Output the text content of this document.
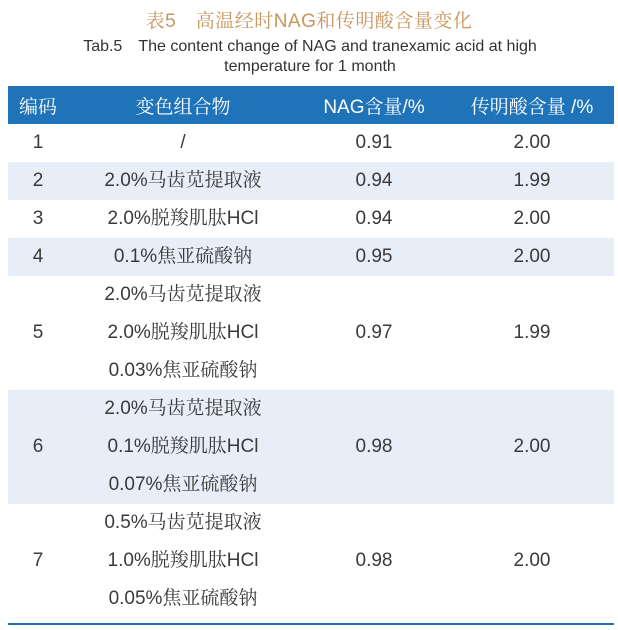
表5　高温经时NAG和传明酸含量变化
Tab.5　The content change of NAG and tranexamic acid at high temperature for 1 month
编码	变色组合物	NAG含量/%	传明酸含量 /%
1	/	0.91	2.00
2	2.0%马齿苋提取液	0.94	1.99
3	2.0%脱羧肌肽HCl	0.94	2.00
4	0.1%焦亚硫酸钠	0.95	2.00
5	2.0%马齿苋提取液
2.0%脱羧肌肽HCl
0.03%焦亚硫酸钠	0.97	1.99
6	2.0%马齿苋提取液
0.1%脱羧肌肽HCl
0.07%焦亚硫酸钠	0.98	2.00
7	0.5%马齿苋提取液
1.0%脱羧肌肽HCl
0.05%焦亚硫酸钠	0.98	2.00
